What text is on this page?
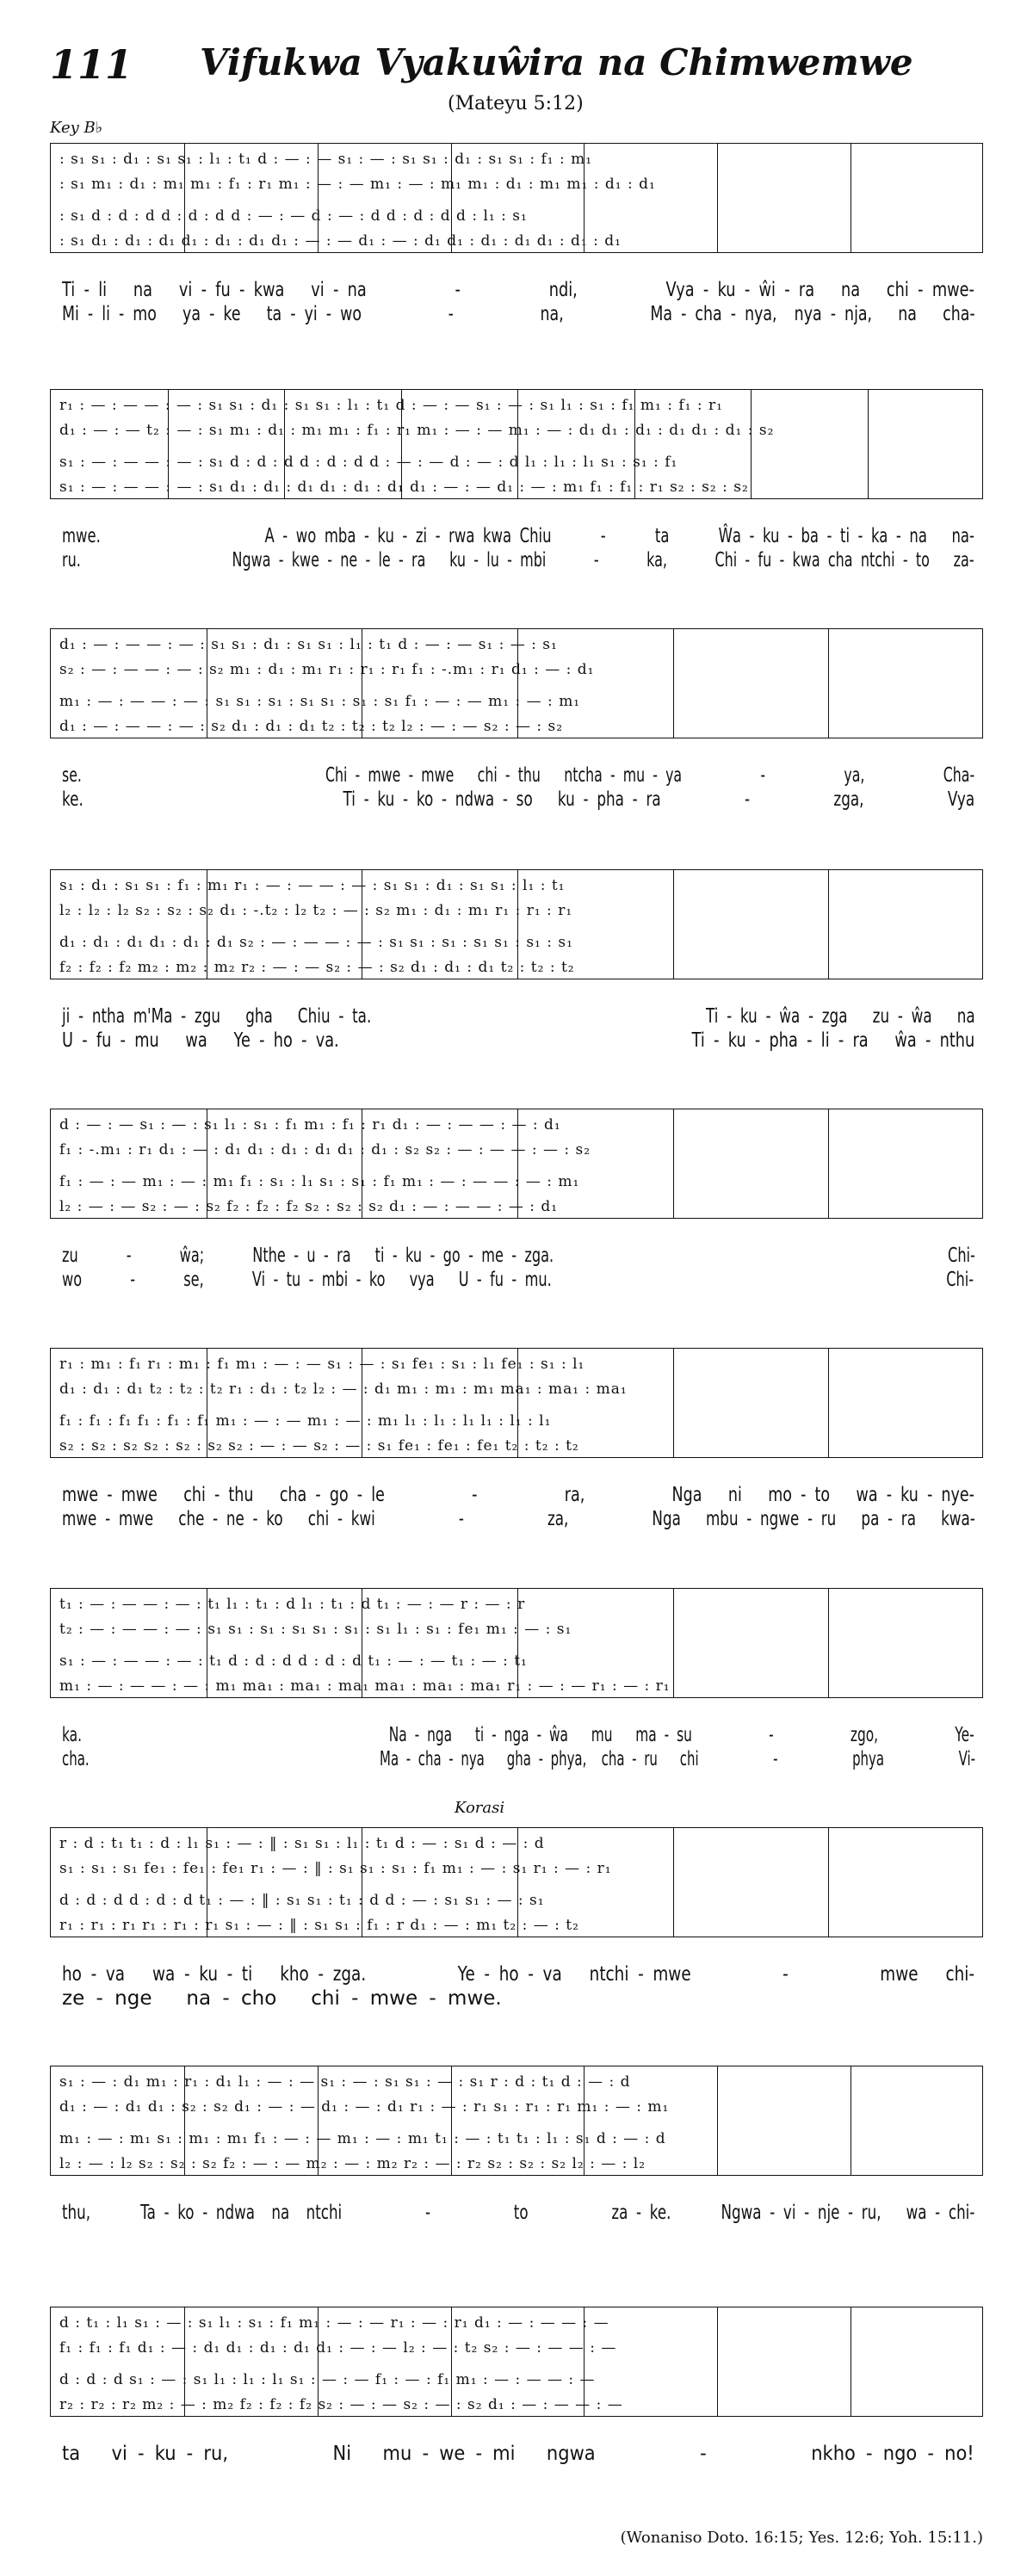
111 Vifukwa Vyakuŵira na Chimwemwe
(Mateyu 5:12)
Key B♭
Korasi
: s₁ s₁ : d₁ : s₁ s₁ : l₁ : t₁ d : — : — s₁ : — : s₁ s₁ : d₁ : s₁ s₁ : f₁ : m₁
: s₁ m₁ : d₁ : m₁ m₁ : f₁ : r₁ m₁ : — : — m₁ : — : m₁ m₁ : d₁ : m₁ m₁ : d₁ : d₁
: s₁ d : d : d d : d : d d : — : — d : — : d d : d : d d : l₁ : s₁
: s₁ d₁ : d₁ : d₁ d₁ : d₁ : d₁ d₁ : — : — d₁ : — : d₁ d₁ : d₁ : d₁ d₁ : d₁ : d₁
Ti - li   na   vi - fu - kwa   vi - na          -          ndi,          Vya - ku - ŵi - ra   na   chi - mwe-
Mi - li - mo   ya - ke   ta - yi - wo          -          na,          Ma - cha - nya,  nya - nja,   na   cha-
r₁ : — : — — : — : s₁ s₁ : d₁ : s₁ s₁ : l₁ : t₁ d : — : — s₁ : — : s₁ l₁ : s₁ : f₁ m₁ : f₁ : r₁
d₁ : — : — t₂ : — : s₁ m₁ : d₁ : m₁ m₁ : f₁ : r₁ m₁ : — : — m₁ : — : d₁ d₁ : d₁ : d₁ d₁ : d₁ : s₂
s₁ : — : — — : — : s₁ d : d : d d : d : d d : — : — d : — : d l₁ : l₁ : l₁ s₁ : s₁ : f₁
s₁ : — : — — : — : s₁ d₁ : d₁ : d₁ d₁ : d₁ : d₁ d₁ : — : — d₁ : — : m₁ f₁ : f₁ : r₁ s₂ : s₂ : s₂
mwe.                    A - wo mba - ku - zi - rwa kwa Chiu      -      ta      Ŵa - ku - ba - ti - ka - na   na-
ru.                   Ngwa - kwe - ne - le - ra   ku - lu - mbi      -      ka,      Chi - fu - kwa cha ntchi - to   za-
d₁ : — : — — : — : s₁ s₁ : d₁ : s₁ s₁ : l₁ : t₁ d : — : — s₁ : — : s₁
s₂ : — : — — : — : s₂ m₁ : d₁ : m₁ r₁ : r₁ : r₁ f₁ : -.m₁ : r₁ d₁ : — : d₁
m₁ : — : — — : — : s₁ s₁ : s₁ : s₁ s₁ : s₁ : s₁ f₁ : — : — m₁ : — : m₁
d₁ : — : — — : — : s₂ d₁ : d₁ : d₁ t₂ : t₂ : t₂ l₂ : — : — s₂ : — : s₂
se.                               Chi - mwe - mwe   chi - thu   ntcha - mu - ya          -          ya,          Cha-
ke.                               Ti - ku - ko - ndwa - so   ku - pha - ra          -          zga,          Vya
s₁ : d₁ : s₁ s₁ : f₁ : m₁ r₁ : — : — — : — : s₁ s₁ : d₁ : s₁ s₁ : l₁ : t₁
l₂ : l₂ : l₂ s₂ : s₂ : s₂ d₁ : -.t₂ : l₂ t₂ : — : s₂ m₁ : d₁ : m₁ r₁ : r₁ : r₁
d₁ : d₁ : d₁ d₁ : d₁ : d₁ s₂ : — : — — : — : s₁ s₁ : s₁ : s₁ s₁ : s₁ : s₁
f₂ : f₂ : f₂ m₂ : m₂ : m₂ r₂ : — : — s₂ : — : s₂ d₁ : d₁ : d₁ t₂ : t₂ : t₂
ji - ntha m'Ma - zgu   gha   Chiu - ta.                                        Ti - ku - ŵa - zga   zu - ŵa   na
U - fu - mu   wa   Ye - ho - va.                                        Ti - ku - pha - li - ra   ŵa - nthu
d : — : — s₁ : — : s₁ l₁ : s₁ : f₁ m₁ : f₁ : r₁ d₁ : — : — — : — : d₁
f₁ : -.m₁ : r₁ d₁ : — : d₁ d₁ : d₁ : d₁ d₁ : d₁ : s₂ s₂ : — : — — : — : s₂
f₁ : — : — m₁ : — : m₁ f₁ : s₁ : l₁ s₁ : s₁ : f₁ m₁ : — : — — : — : m₁
l₂ : — : — s₂ : — : s₂ f₂ : f₂ : f₂ s₂ : s₂ : s₂ d₁ : — : — — : — : d₁
zu      -      ŵa;      Nthe - u - ra   ti - ku - go - me - zga.                                                 Chi-
wo      -      se,      Vi - tu - mbi - ko   vya   U - fu - mu.                                                 Chi-
r₁ : m₁ : f₁ r₁ : m₁ : f₁ m₁ : — : — s₁ : — : s₁ fe₁ : s₁ : l₁ fe₁ : s₁ : l₁
d₁ : d₁ : d₁ t₂ : t₂ : t₂ r₁ : d₁ : t₂ l₂ : — : d₁ m₁ : m₁ : m₁ ma₁ : ma₁ : ma₁
f₁ : f₁ : f₁ f₁ : f₁ : f₁ m₁ : — : — m₁ : — : m₁ l₁ : l₁ : l₁ l₁ : l₁ : l₁
s₂ : s₂ : s₂ s₂ : s₂ : s₂ s₂ : — : — s₂ : — : s₁ fe₁ : fe₁ : fe₁ t₂ : t₂ : t₂
mwe - mwe   chi - thu   cha - go - le          -          ra,          Nga   ni   mo - to   wa - ku - nye-
mwe - mwe   che - ne - ko   chi - kwi          -          za,          Nga   mbu - ngwe - ru   pa - ra   kwa-
t₁ : — : — — : — : t₁ l₁ : t₁ : d l₁ : t₁ : d t₁ : — : — r : — : r
t₂ : — : — — : — : s₁ s₁ : s₁ : s₁ s₁ : s₁ : s₁ l₁ : s₁ : fe₁ m₁ : — : s₁
s₁ : — : — — : — : t₁ d : d : d d : d : d t₁ : — : — t₁ : — : t₁
m₁ : — : — — : — : m₁ ma₁ : ma₁ : ma₁ ma₁ : ma₁ : ma₁ r₁ : — : — r₁ : — : r₁
ka.                                        Na - nga   ti - nga - ŵa   mu   ma - su          -          zgo,          Ye-
cha.                                       Ma - cha - nya   gha - phya,  cha - ru   chi          -          phya          Vi-
r : d : t₁ t₁ : d : l₁ s₁ : — : ‖ : s₁ s₁ : l₁ : t₁ d : — : s₁ d : — : d
s₁ : s₁ : s₁ fe₁ : fe₁ : fe₁ r₁ : — : ‖ : s₁ s₁ : s₁ : f₁ m₁ : — : s₁ r₁ : — : r₁
d : d : d d : d : d t₁ : — : ‖ : s₁ s₁ : t₁ : d d : — : s₁ s₁ : — : s₁
r₁ : r₁ : r₁ r₁ : r₁ : r₁ s₁ : — : ‖ : s₁ s₁ : f₁ : r d₁ : — : m₁ t₂ : — : t₂
ho - va   wa - ku - ti   kho - zga.          Ye - ho - va   ntchi - mwe          -          mwe   chi-
ze - nge   na - cho   chi - mwe - mwe.
s₁ : — : d₁ m₁ : r₁ : d₁ l₁ : — : — s₁ : — : s₁ s₁ : — : s₁ r : d : t₁ d : — : d
d₁ : — : d₁ d₁ : s₂ : s₂ d₁ : — : — d₁ : — : d₁ r₁ : — : r₁ s₁ : r₁ : r₁ m₁ : — : m₁
m₁ : — : m₁ s₁ : m₁ : m₁ f₁ : — : — m₁ : — : m₁ t₁ : — : t₁ t₁ : l₁ : s₁ d : — : d
l₂ : — : l₂ s₂ : s₂ : s₂ f₂ : — : — m₂ : — : m₂ r₂ : — : r₂ s₂ : s₂ : s₂ l₂ : — : l₂
thu,      Ta - ko - ndwa  na  ntchi          -          to          za - ke.      Ngwa - vi - nje - ru,   wa - chi-
d : t₁ : l₁ s₁ : — : s₁ l₁ : s₁ : f₁ m₁ : — : — r₁ : — : r₁ d₁ : — : — — : —
f₁ : f₁ : f₁ d₁ : — : d₁ d₁ : d₁ : d₁ d₁ : — : — l₂ : — : t₂ s₂ : — : — — : —
d : d : d s₁ : — : s₁ l₁ : l₁ : l₁ s₁ : — : — f₁ : — : f₁ m₁ : — : — — : —
r₂ : r₂ : r₂ m₂ : — : m₂ f₂ : f₂ : f₂ s₂ : — : — s₂ : — : s₂ d₁ : — : — — : —
ta   vi - ku - ru,          Ni   mu - we - mi   ngwa          -          nkho - ngo - no!
(Wonaniso Doto. 16:15; Yes. 12:6; Yoh. 15:11.)
